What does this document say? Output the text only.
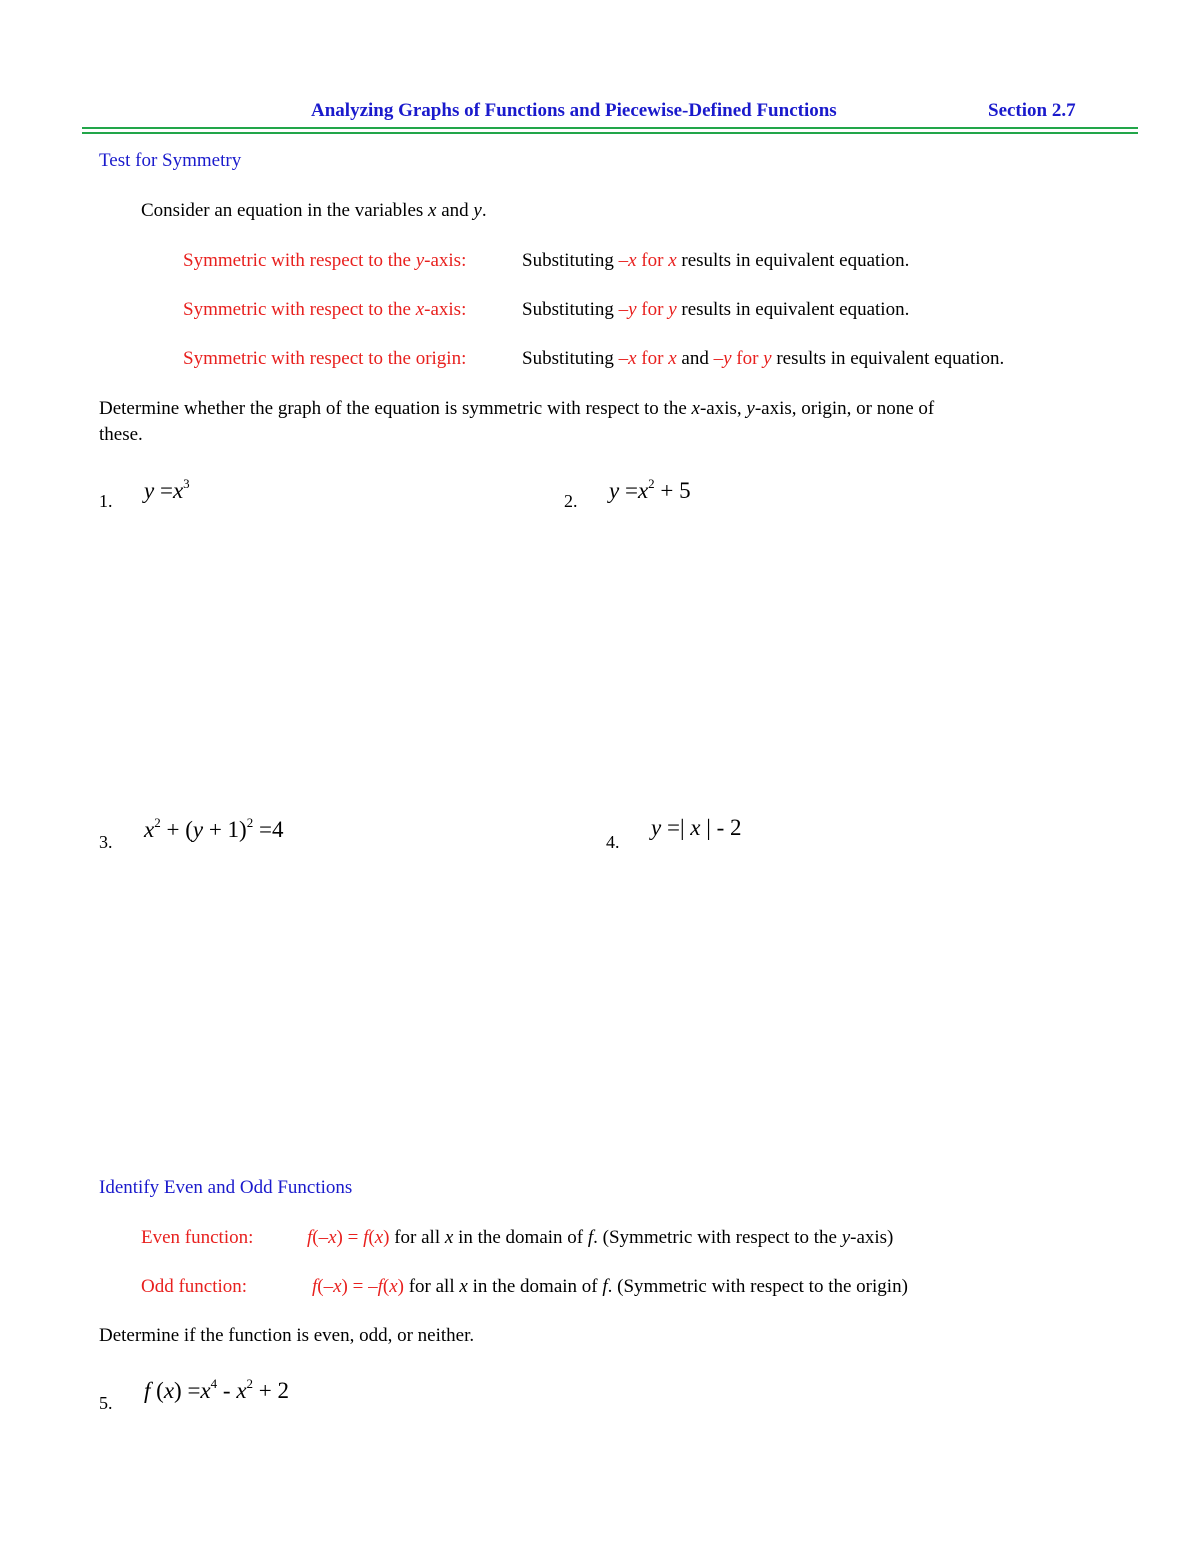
Analyzing Graphs of Functions and Piecewise-Defined Functions	Section 2.7
Test for Symmetry
Consider an equation in the variables x and y.
Symmetric with respect to the y-axis:	Substituting –x for x results in equivalent equation.
Symmetric with respect to the x-axis:	Substituting –y for y results in equivalent equation.
Symmetric with respect to the origin:	Substituting –x for x and –y for y results in equivalent equation.
Determine whether the graph of the equation is symmetric with respect to the x-axis, y-axis, origin, or none of
these.
1. $y =x^3$
2. $y =x^2 + 5$
3. $x^2 + (y + 1)^2 =4$	4.
y =| x | - 2
Identify Even and Odd Functions
Even function:	f(–x) = f(x) for all x in the domain of f. (Symmetric with respect to the y-axis)
Odd function:	f(–x) = –f(x) for all x in the domain of f. (Symmetric with respect to the origin)
Determine if the function is even, odd, or neither.
5. f $(x) =x^4 - x^2 + 2$
